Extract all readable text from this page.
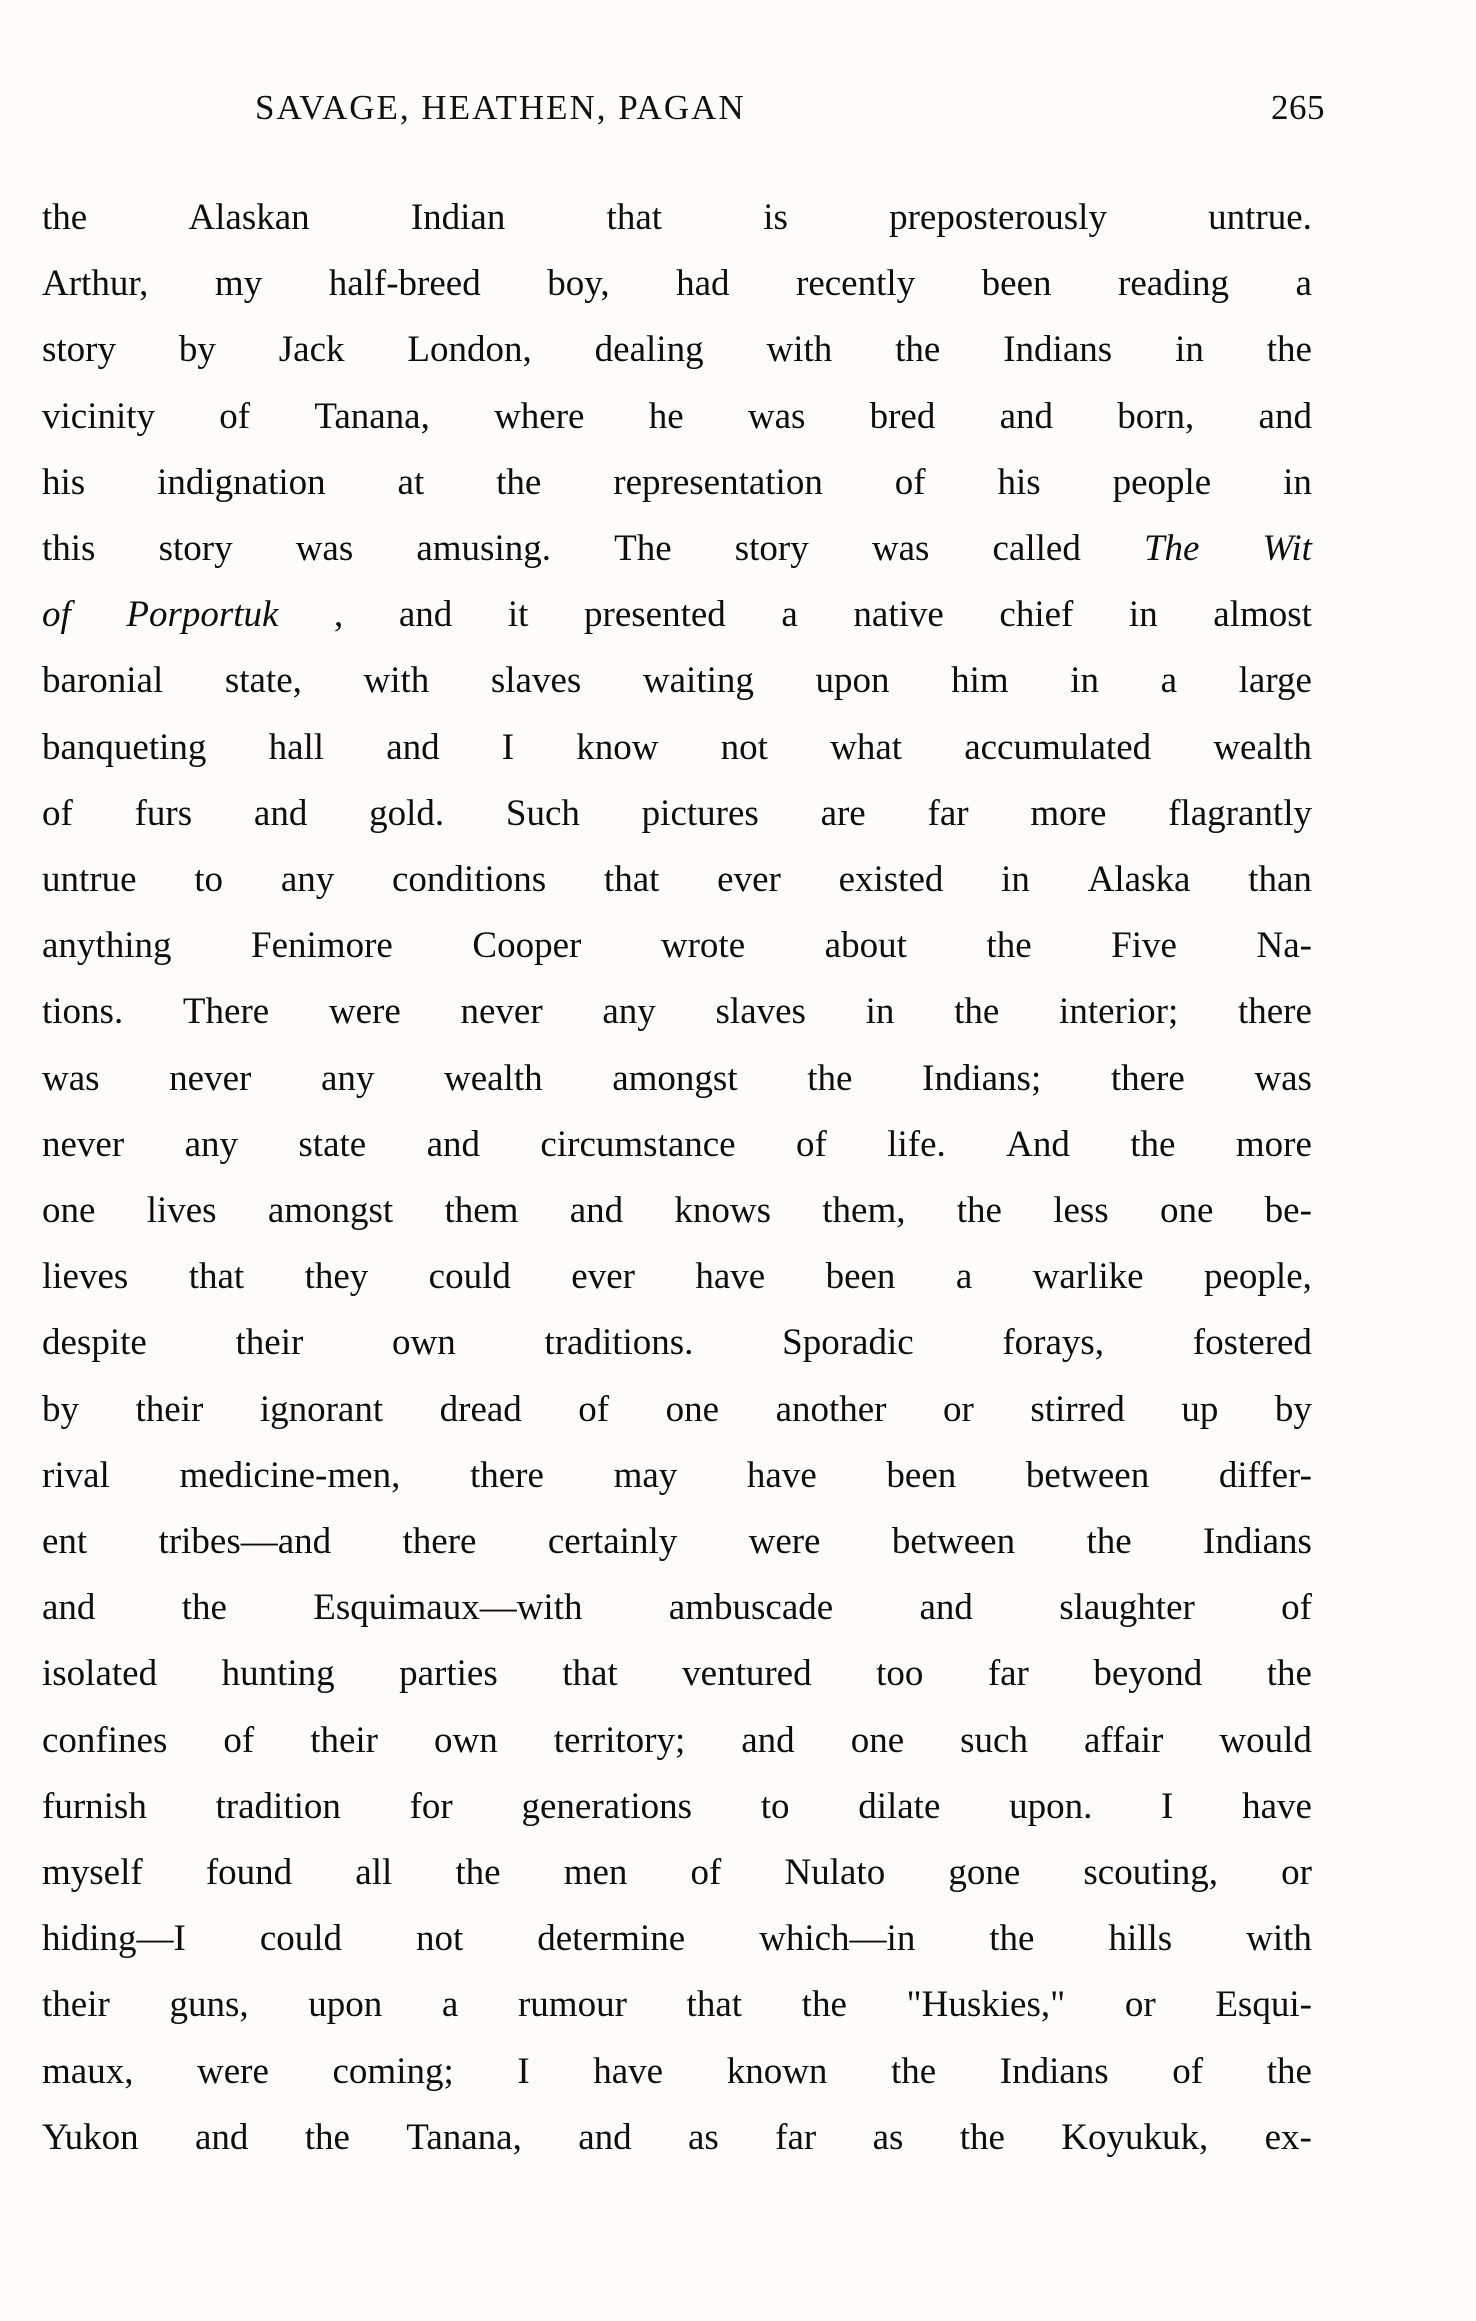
SAVAGE, HEATHEN, PAGAN	265

the	Alaskan	Indian	that	is	preposterously	untrue.
Arthur, my half-breed boy, had recently been reading a
story by Jack London, dealing with the Indians in the
vicinity of Tanana, where he was bred and born, and
his indignation at the representation of his people in
this story was amusing. The story was called The Wit
of Porportuk , and it presented a native chief in almost
baronial state, with slaves waiting upon him in a large
banqueting hall and I know not what accumulated wealth
of furs and gold. Such pictures are far more flagrantly
untrue to any conditions that ever existed in Alaska than
anything Fenimore Cooper wrote about the Five Na-
tions. There were never any slaves in the interior; there
was never any wealth amongst the Indians; there was
never any state and circumstance of life. And the more
one lives amongst them and knows them, the less one be-
lieves that they could ever have been a warlike people,
despite their own traditions. Sporadic forays, fostered
by their ignorant dread of one another or stirred up by
rival medicine-men, there may have been between differ-
ent tribes—and there certainly were between the Indians
and the Esquimaux—with ambuscade and slaughter of
isolated hunting parties that ventured too far beyond the
confines of their own territory; and one such affair would
furnish tradition for generations to dilate upon. I have
myself found all the men of Nulato gone scouting, or
hiding—I could not determine which—in the hills with
their guns, upon a rumour that the "Huskies," or Esqui-
maux, were coming; I have known the Indians of the
Yukon and the Tanana, and as far as the Koyukuk, ex-
